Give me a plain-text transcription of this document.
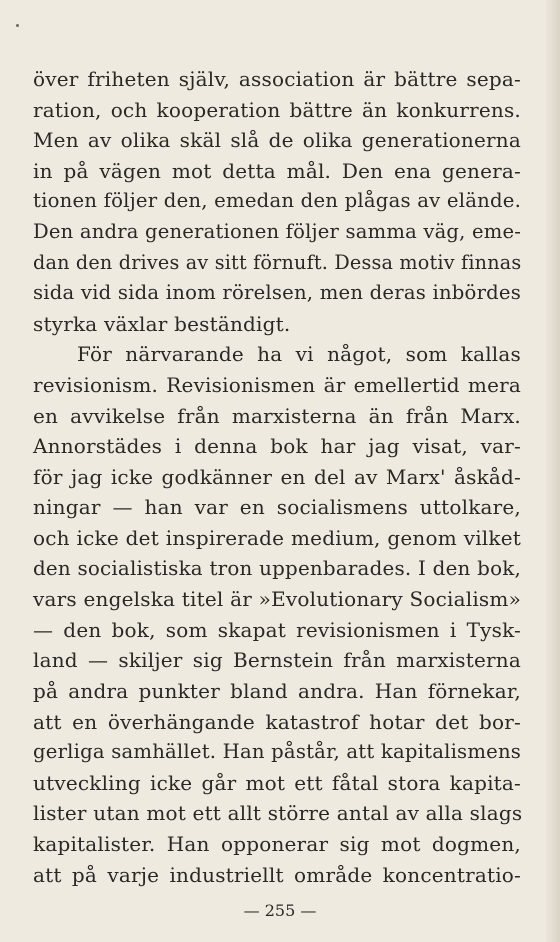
över friheten själv, association är bättre sepa-
ration, och kooperation bättre än konkurrens.
Men av olika skäl slå de olika generationerna
in på vägen mot detta mål. Den ena genera-
tionen följer den, emedan den plågas av elände.
Den andra generationen följer samma väg, eme-
dan den drives av sitt förnuft. Dessa motiv finnas
sida vid sida inom rörelsen, men deras inbördes
styrka växlar beständigt.
För närvarande ha vi något, som kallas
revisionism. Revisionismen är emellertid mera
en avvikelse från marxisterna än från Marx.
Annorstädes i denna bok har jag visat, var-
för jag icke godkänner en del av Marx' åskåd-
ningar — han var en socialismens uttolkare,
och icke det inspirerade medium, genom vilket
den socialistiska tron uppenbarades. I den bok,
vars engelska titel är »Evolutionary Socialism»
— den bok, som skapat revisionismen i Tysk-
land — skiljer sig Bernstein från marxisterna
på andra punkter bland andra. Han förnekar,
att en överhängande katastrof hotar det bor-
gerliga samhället. Han påstår, att kapitalismens
utveckling icke går mot ett fåtal stora kapita-
lister utan mot ett allt större antal av alla slags
kapitalister. Han opponerar sig mot dogmen,
att på varje industriellt område koncentratio-
— 255 —
